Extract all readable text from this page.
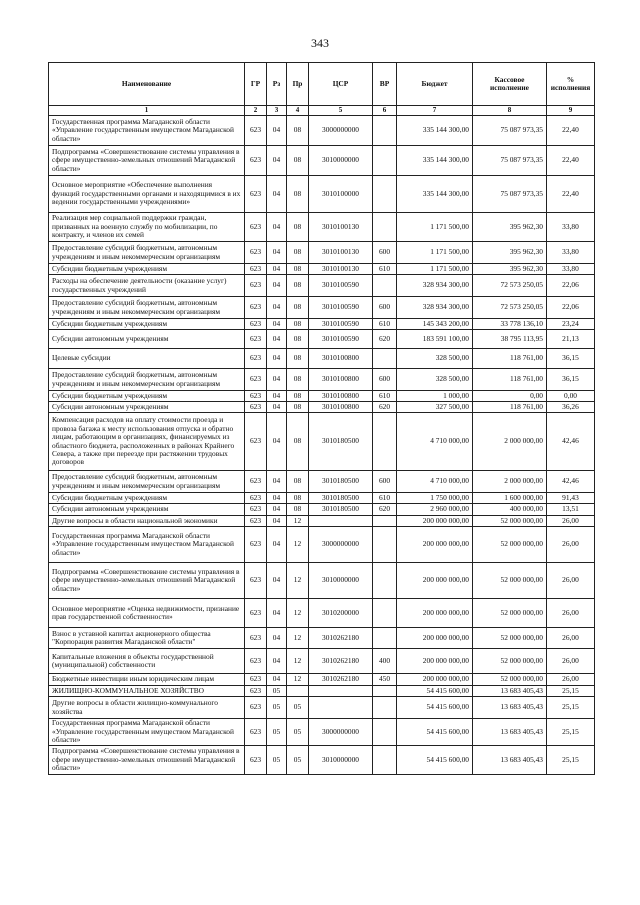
343
Наименование	ГР	Рз	Пр	ЦСР	ВР	Бюджет	Кассовое исполнение	% исполнения
1	2	3	4	5	6	7	8	9
Государственная программа Магаданской области «Управление государственным имуществом Магаданской области»	623	04	08	3000000000		335 144 300,00	75 087 973,35	22,40
Подпрограмма «Совершенствование системы управления в сфере имущественно-земельных отношений Магаданской области»	623	04	08	3010000000		335 144 300,00	75 087 973,35	22,40
Основное мероприятие «Обеспечение выполнения функций государственными органами и находящимися в их ведении государственными учреждениями»	623	04	08	3010100000		335 144 300,00	75 087 973,35	22,40
Реализация мер социальной поддержки граждан, призванных на военную службу по мобилизации, по контракту, и членов их семей	623	04	08	3010100130		1 171 500,00	395 962,30	33,80
Предоставление субсидий бюджетным, автономным учреждениям и иным некоммерческим организациям	623	04	08	3010100130	600	1 171 500,00	395 962,30	33,80
Субсидии бюджетным учреждениям	623	04	08	3010100130	610	1 171 500,00	395 962,30	33,80
Расходы на обеспечение деятельности (оказание услуг) государственных учреждений	623	04	08	3010100590		328 934 300,00	72 573 250,05	22,06
Предоставление субсидий бюджетным, автономным учреждениям и иным некоммерческим организациям	623	04	08	3010100590	600	328 934 300,00	72 573 250,05	22,06
Субсидии бюджетным учреждениям	623	04	08	3010100590	610	145 343 200,00	33 778 136,10	23,24
Субсидии автономным учреждениям	623	04	08	3010100590	620	183 591 100,00	38 795 113,95	21,13
Целевые субсидии	623	04	08	3010100800		328 500,00	118 761,00	36,15
Предоставление субсидий бюджетным, автономным учреждениям и иным некоммерческим организациям	623	04	08	3010100800	600	328 500,00	118 761,00	36,15
Субсидии бюджетным учреждениям	623	04	08	3010100800	610	1 000,00	0,00	0,00
Субсидии автономным учреждениям	623	04	08	3010100800	620	327 500,00	118 761,00	36,26
Компенсация расходов на оплату стоимости проезда и провоза багажа к месту использования отпуска и обратно лицам, работающим в организациях, финансируемых из областного бюджета, расположенных в районах Крайнего Севера, а также при переезде при растяжении трудовых договоров	623	04	08	3010180500		4 710 000,00	2 000 000,00	42,46
Предоставление субсидий бюджетным, автономным учреждениям и иным некоммерческим организациям	623	04	08	3010180500	600	4 710 000,00	2 000 000,00	42,46
Субсидии бюджетным учреждениям	623	04	08	3010180500	610	1 750 000,00	1 600 000,00	91,43
Субсидии автономным учреждениям	623	04	08	3010180500	620	2 960 000,00	400 000,00	13,51
Другие вопросы в области национальной экономики	623	04	12			200 000 000,00	52 000 000,00	26,00
Государственная программа Магаданской области «Управление государственным имуществом Магаданской области»	623	04	12	3000000000		200 000 000,00	52 000 000,00	26,00
Подпрограмма «Совершенствование системы управления в сфере имущественно-земельных отношений Магаданской области»	623	04	12	3010000000		200 000 000,00	52 000 000,00	26,00
Основное мероприятие «Оценка недвижимости, признание прав государственной собственности»	623	04	12	3010200000		200 000 000,00	52 000 000,00	26,00
Взнос в уставной капитал акционерного общества "Корпорация развития Магаданской области"	623	04	12	3010262180		200 000 000,00	52 000 000,00	26,00
Капитальные вложения в объекты государственной (муниципальной) собственности	623	04	12	3010262180	400	200 000 000,00	52 000 000,00	26,00
Бюджетные инвестиции иным юридическим лицам	623	04	12	3010262180	450	200 000 000,00	52 000 000,00	26,00
ЖИЛИЩНО-КОММУНАЛЬНОЕ ХОЗЯЙСТВО	623	05				54 415 600,00	13 683 405,43	25,15
Другие вопросы в области жилищно-коммунального хозяйства	623	05	05			54 415 600,00	13 683 405,43	25,15
Государственная программа Магаданской области «Управление государственным имуществом Магаданской области»	623	05	05	3000000000		54 415 600,00	13 683 405,43	25,15
Подпрограмма «Совершенствование системы управления в сфере имущественно-земельных отношений Магаданской области»	623	05	05	3010000000		54 415 600,00	13 683 405,43	25,15
